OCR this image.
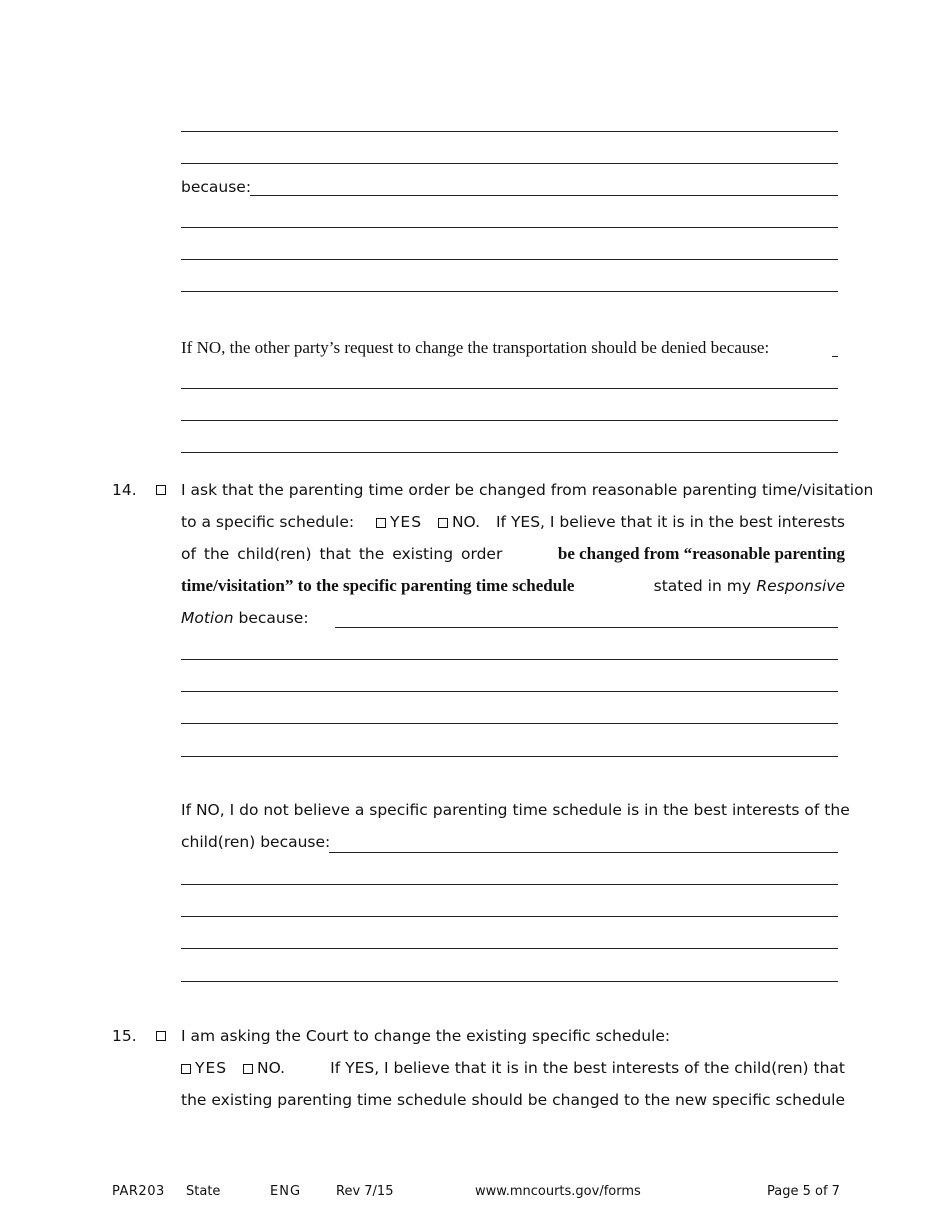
because:
If NO, the other party’s request to change the transportation should be denied because:
14.	I ask that the parenting time order be changed from reasonable parenting time/visitation
to a specific schedule: YES NO. If YES, I believe that it is in the best interests
of the child(ren) that the existing order	be changed from “reasonable parenting
time/visitation” to the specific parenting time schedule	stated in my Responsive
Motion because:
If NO, I do not believe a specific parenting time schedule is in the best interests of the
child(ren) because:
15.	I am asking the Court to change the existing specific schedule:
YES NO.	If YES, I believe that it is in the best interests of the child(ren) that
the existing parenting time schedule should be changed to the new specific schedule
PAR203 State	ENG	Rev 7/15	www.mncourts.gov/forms	Page 5 of 7
